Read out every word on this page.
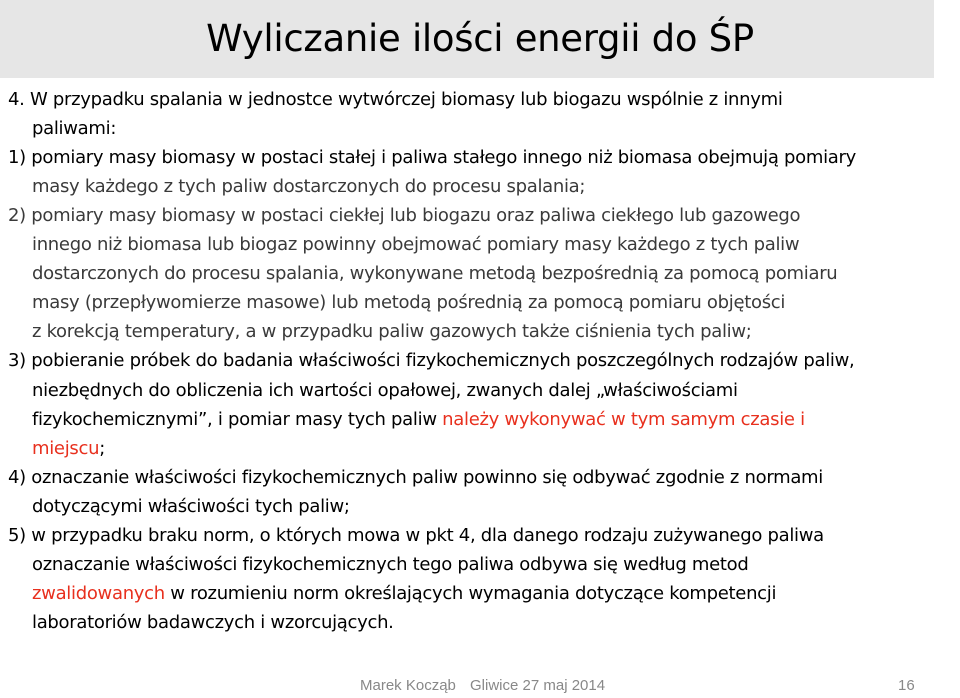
Wyliczanie ilości energii do ŚP
4. W przypadku spalania w jednostce wytwórczej biomasy lub biogazu wspólnie z innymi
paliwami:
1) pomiary masy biomasy w postaci stałej i paliwa stałego innego niż biomasa obejmują pomiary
masy każdego z tych paliw dostarczonych do procesu spalania;
2) pomiary masy biomasy w postaci ciekłej lub biogazu oraz paliwa ciekłego lub gazowego
innego niż biomasa lub biogaz powinny obejmować pomiary masy każdego z tych paliw
dostarczonych do procesu spalania, wykonywane metodą bezpośrednią za pomocą pomiaru
masy (przepływomierze masowe) lub metodą pośrednią za pomocą pomiaru objętości
z korekcją temperatury, a w przypadku paliw gazowych także ciśnienia tych paliw;
3) pobieranie próbek do badania właściwości fizykochemicznych poszczególnych rodzajów paliw,
niezbędnych do obliczenia ich wartości opałowej, zwanych dalej „właściwościami
fizykochemicznymi”, i pomiar masy tych paliw należy wykonywać w tym samym czasie i
miejscu;
4) oznaczanie właściwości fizykochemicznych paliw powinno się odbywać zgodnie z normami
dotyczącymi właściwości tych paliw;
5) w przypadku braku norm, o których mowa w pkt 4, dla danego rodzaju zużywanego paliwa
oznaczanie właściwości fizykochemicznych tego paliwa odbywa się według metod
zwalidowanych w rozumieniu norm określających wymagania dotyczące kompetencji
laboratoriów badawczych i wzorcujących.
Marek Kocząb Gliwice 27 maj 2014	16
